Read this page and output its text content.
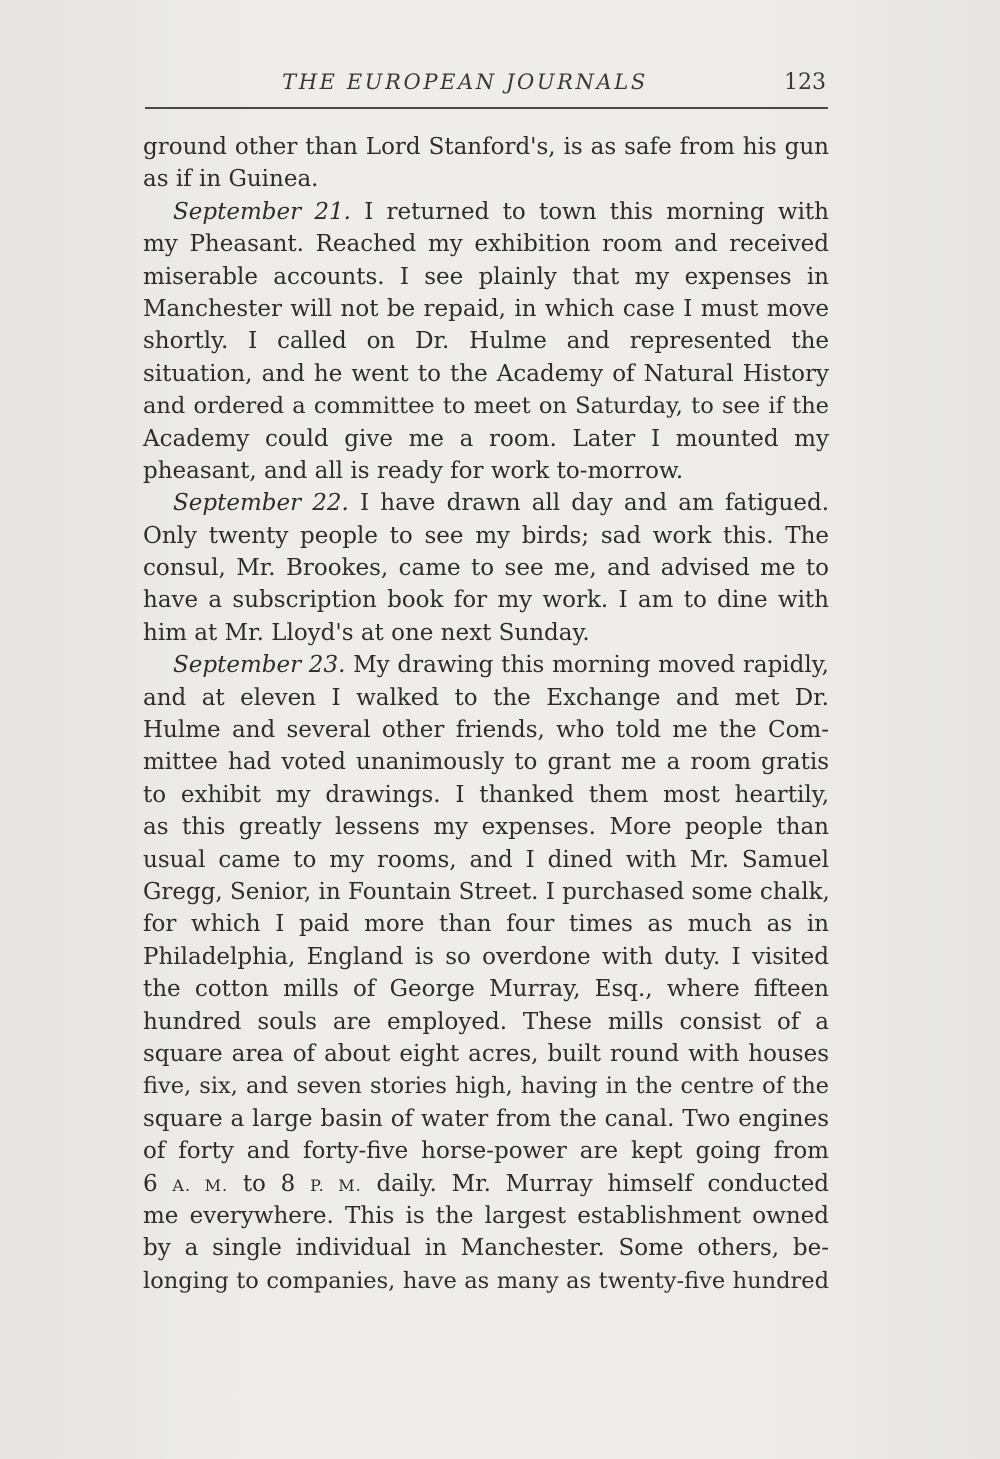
THE EUROPEAN JOURNALS	123
ground other than Lord Stanford's, is as safe from his gun
as if in Guinea.
September 21. I returned to town this morning with
my Pheasant. Reached my exhibition room and received
miserable accounts. I see plainly that my expenses in
Manchester will not be repaid, in which case I must move
shortly. I called on Dr. Hulme and represented the
situation, and he went to the Academy of Natural History
and ordered a committee to meet on Saturday, to see if the
Academy could give me a room. Later I mounted my
pheasant, and all is ready for work to-morrow.
September 22. I have drawn all day and am fatigued.
Only twenty people to see my birds; sad work this. The
consul, Mr. Brookes, came to see me, and advised me to
have a subscription book for my work. I am to dine with
him at Mr. Lloyd's at one next Sunday.
September 23. My drawing this morning moved rapidly,
and at eleven I walked to the Exchange and met Dr.
Hulme and several other friends, who told me the Com-
mittee had voted unanimously to grant me a room gratis
to exhibit my drawings. I thanked them most heartily,
as this greatly lessens my expenses. More people than
usual came to my rooms, and I dined with Mr. Samuel
Gregg, Senior, in Fountain Street. I purchased some chalk,
for which I paid more than four times as much as in
Philadelphia, England is so overdone with duty. I visited
the cotton mills of George Murray, Esq., where fifteen
hundred souls are employed. These mills consist of a
square area of about eight acres, built round with houses
five, six, and seven stories high, having in the centre of the
square a large basin of water from the canal. Two engines
of forty and forty-five horse-power are kept going from
6 A. M. to 8 P. M. daily. Mr. Murray himself conducted
me everywhere. This is the largest establishment owned
by a single individual in Manchester. Some others, be-
longing to companies, have as many as twenty-five hundred
